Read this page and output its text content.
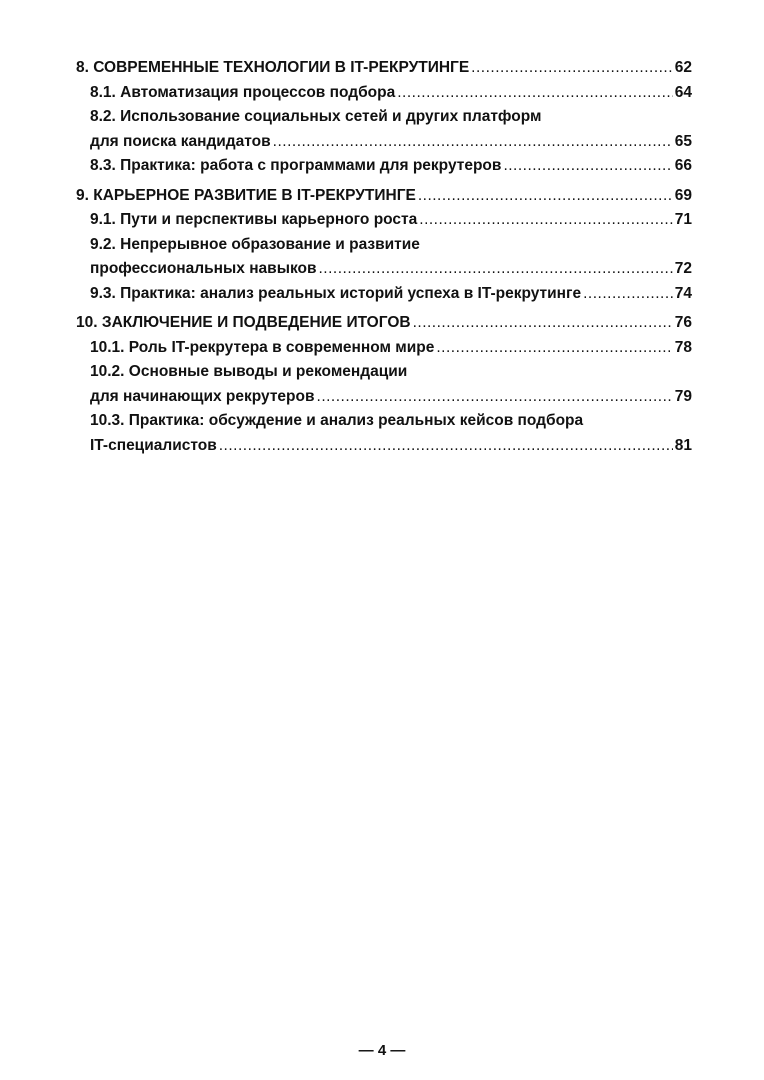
8. СОВРЕМЕННЫЕ ТЕХНОЛОГИИ В IT-РЕКРУТИНГЕ .....	62
8.1. Автоматизация процессов подбора .....	64
8.2. Использование социальных сетей и других платформ
для поиска кандидатов .....	65
8.3. Практика: работа с программами для рекрутеров .....	66
9. КАРЬЕРНОЕ РАЗВИТИЕ В IT-РЕКРУТИНГЕ .....	69
9.1. Пути и перспективы карьерного роста .....	71
9.2. Непрерывное образование и развитие
профессиональных навыков .....	72
9.3. Практика: анализ реальных историй успеха в IT-рекрутинге .....	74
10. ЗАКЛЮЧЕНИЕ И ПОДВЕДЕНИЕ ИТОГОВ .....	76
10.1. Роль IT-рекрутера в современном мире .....	78
10.2. Основные выводы и рекомендации
для начинающих рекрутеров .....	79
10.3. Практика: обсуждение и анализ реальных кейсов подбора
IT-специалистов .....	81
— 4 —
